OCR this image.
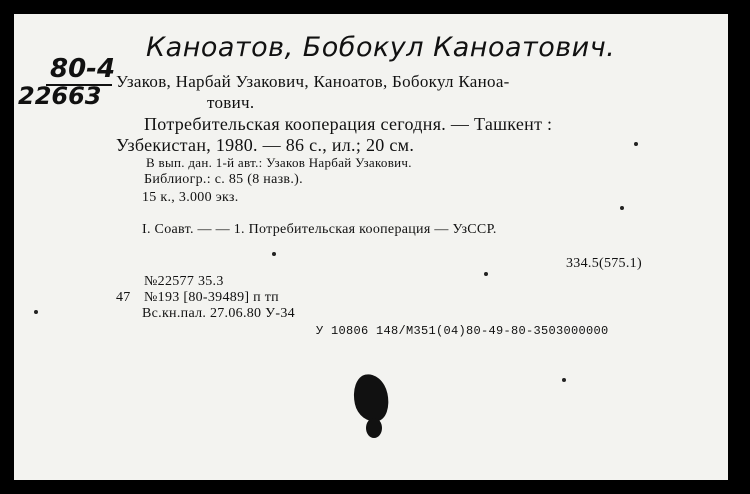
Каноатов, Бобокул Каноатович.
80-4
22663
Узаков, Нарбай Узакович, Каноатов, Бобокул Каноа-
тович.
Потребительская кооперация сегодня. — Ташкент :
Узбекистан, 1980. — 86 с., ил.; 20 см.
В вып. дан. 1-й авт.: Узаков Нарбай Узакович.
Библиогр.: с. 85 (8 назв.).
15 к., 3.000 экз.
I. Соавт. — — 1. Потребительская кооперация — УзССР.
334.5(575.1)
№22577 35.3
47 №193 [80-39489] п тп
Вс.кн.пал. 27.06.80 У-34
У 10806 148/М351(04)80-49-80-3503000000
